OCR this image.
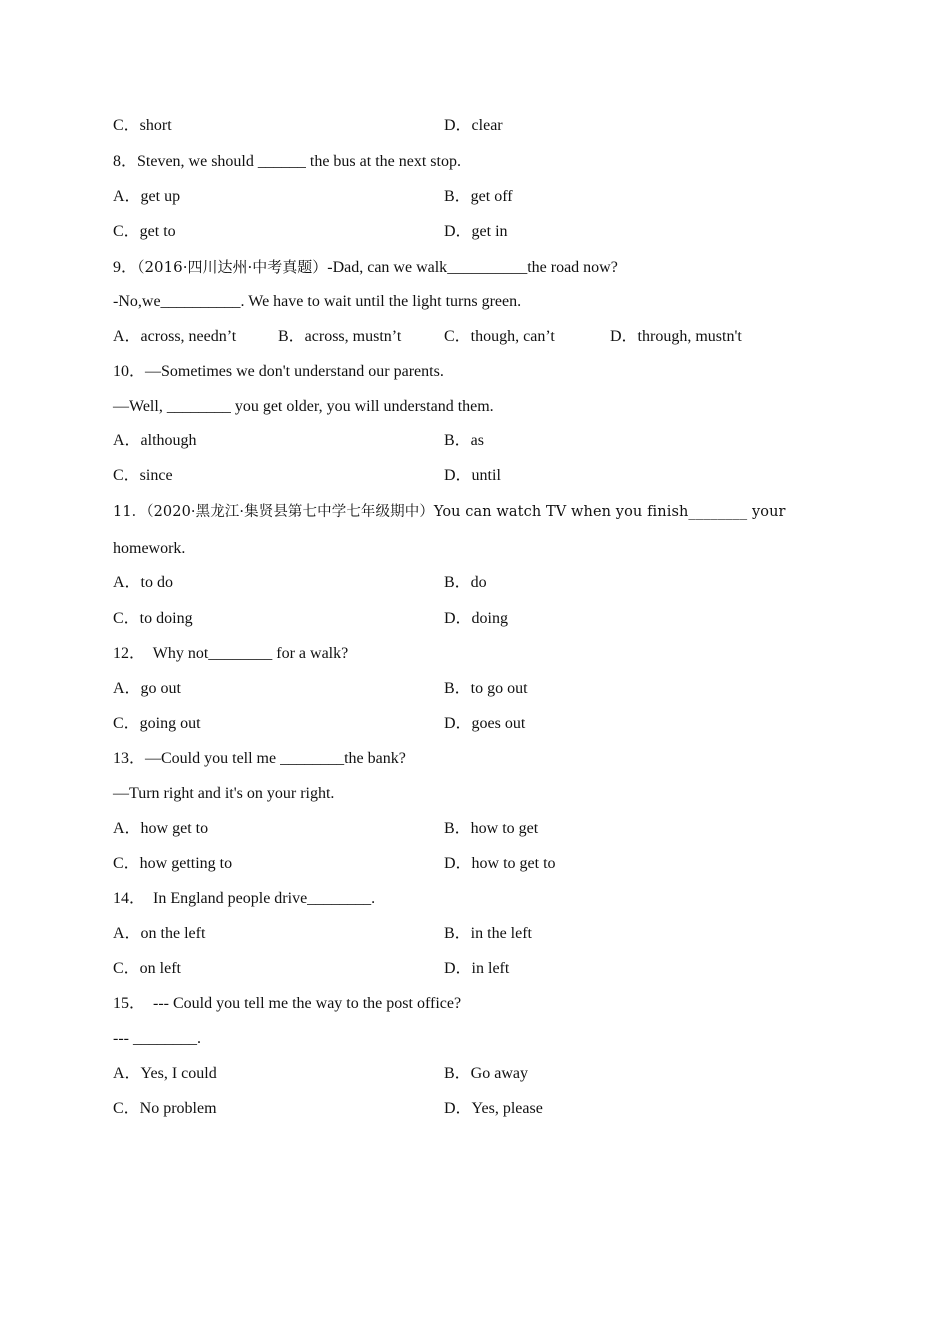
C．short	D．clear
8．Steven, we should ______ the bus at the next stop.
A．get up	B．get off
C．get to	D．get in
9．（2016·四川达州·中考真题）-Dad, can we walk__________the road now?
-No,we__________. We have to wait until the light turns green.
A．across, needn’t	B．across, mustn’t	C．though, can’t	D．through, mustn't
10．—Sometimes we don't understand our parents.
—Well, ________ you get older, you will understand them.
A．although	B．as
C．since	D．until
11．（2020·黑龙江·集贤县第七中学七年级期中）You can watch TV when you finish________ your
homework.
A．to do	B．do
C．to doing	D．doing
12．  Why not________ for a walk?
A．go out	B．to go out
C．going out	D．goes out
13．—Could you tell me ________the bank?
—Turn right and it's on your right.
A．how get to	B．how to get
C．how getting to	D．how to get to
14．  In England people drive________.
A．on the left	B．in the left
C．on left	D．in left
15．  --- Could you tell me the way to the post office?
--- ________.
A．Yes, I could	B．Go away
C．No problem	D．Yes, please
